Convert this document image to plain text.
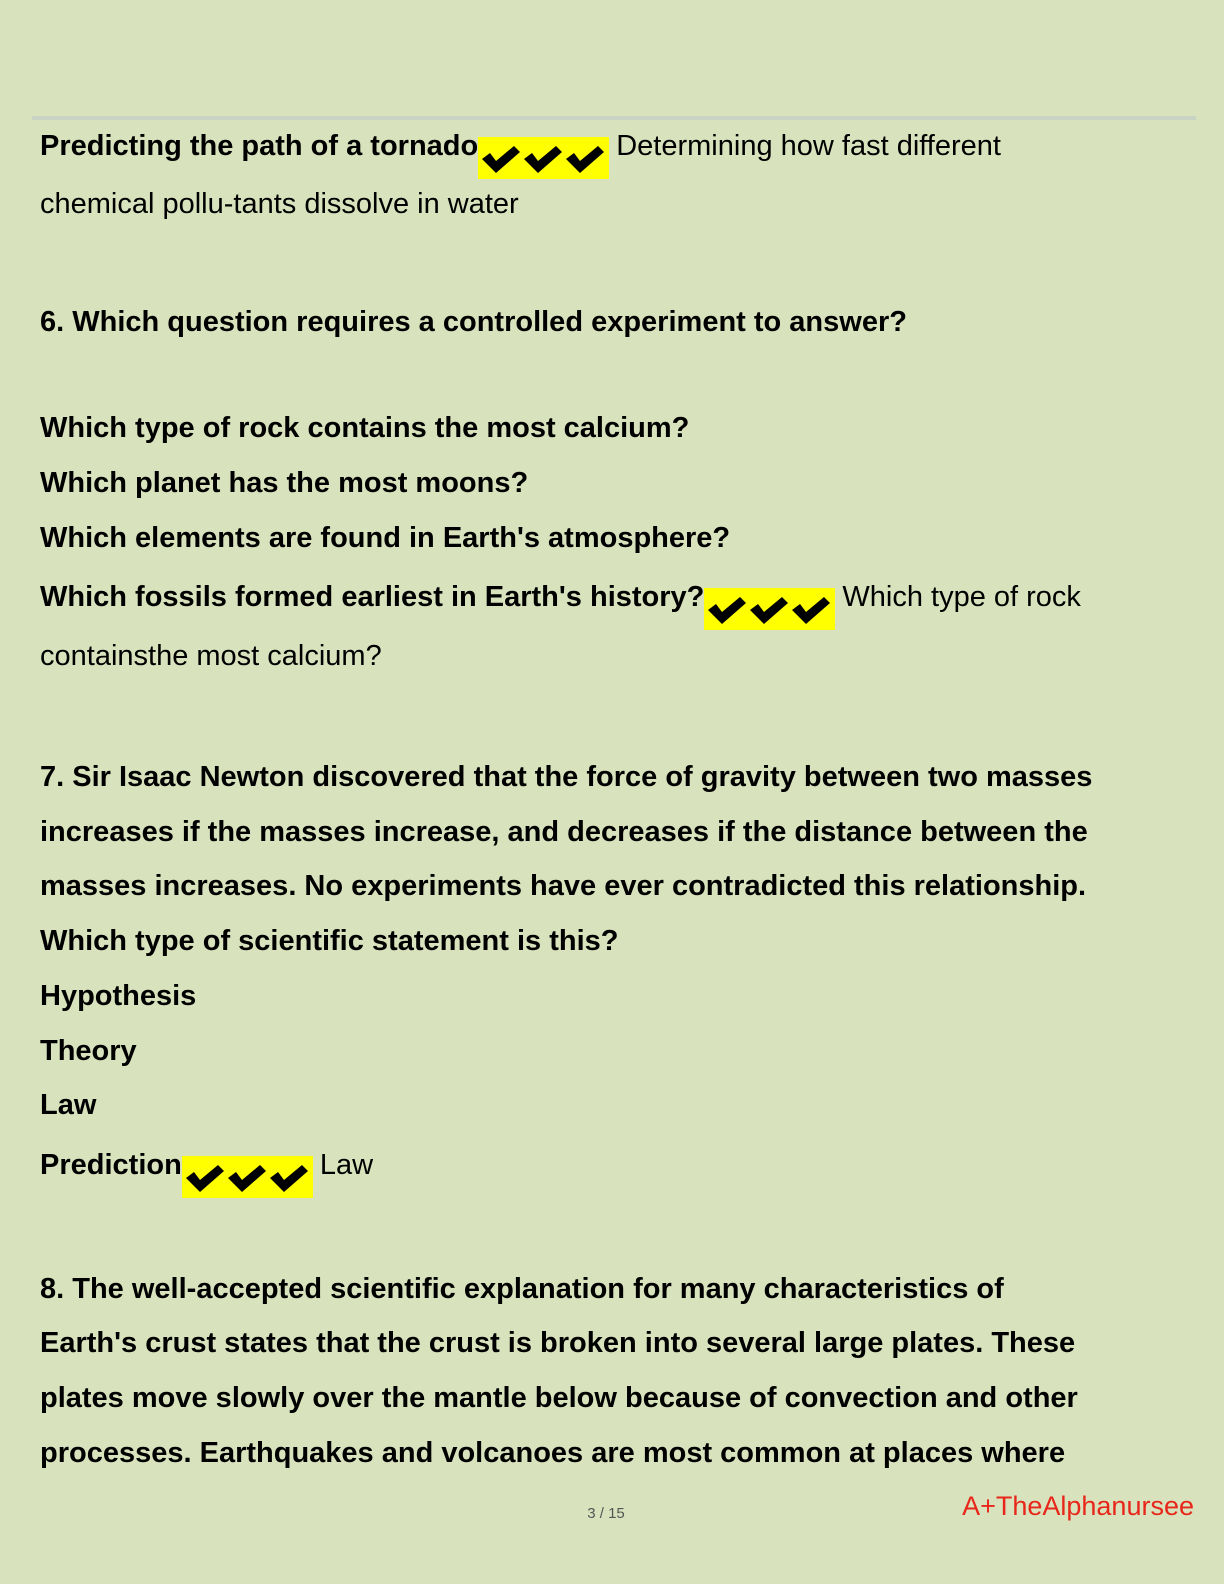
Predicting the path of a tornado	Determining how fast different
chemical pollu-tants dissolve in water
6. Which question requires a controlled experiment to answer?
Which type of rock contains the most calcium?
Which planet has the most moons?
Which elements are found in Earth's atmosphere?
Which fossils formed earliest in Earth's history?	Which type of rock
containsthe most calcium?
7. Sir Isaac Newton discovered that the force of gravity between two masses
increases if the masses increase, and decreases if the distance between the
masses increases. No experiments have ever contradicted this relationship.
Which type of scientific statement is this?
Hypothesis
Theory
Law
Prediction	Law
8. The well-accepted scientific explanation for many characteristics of
Earth's crust states that the crust is broken into several large plates. These
plates move slowly over the mantle below because of convection and other
processes. Earthquakes and volcanoes are most common at places where
3 / 15	A+TheAlphanursee
